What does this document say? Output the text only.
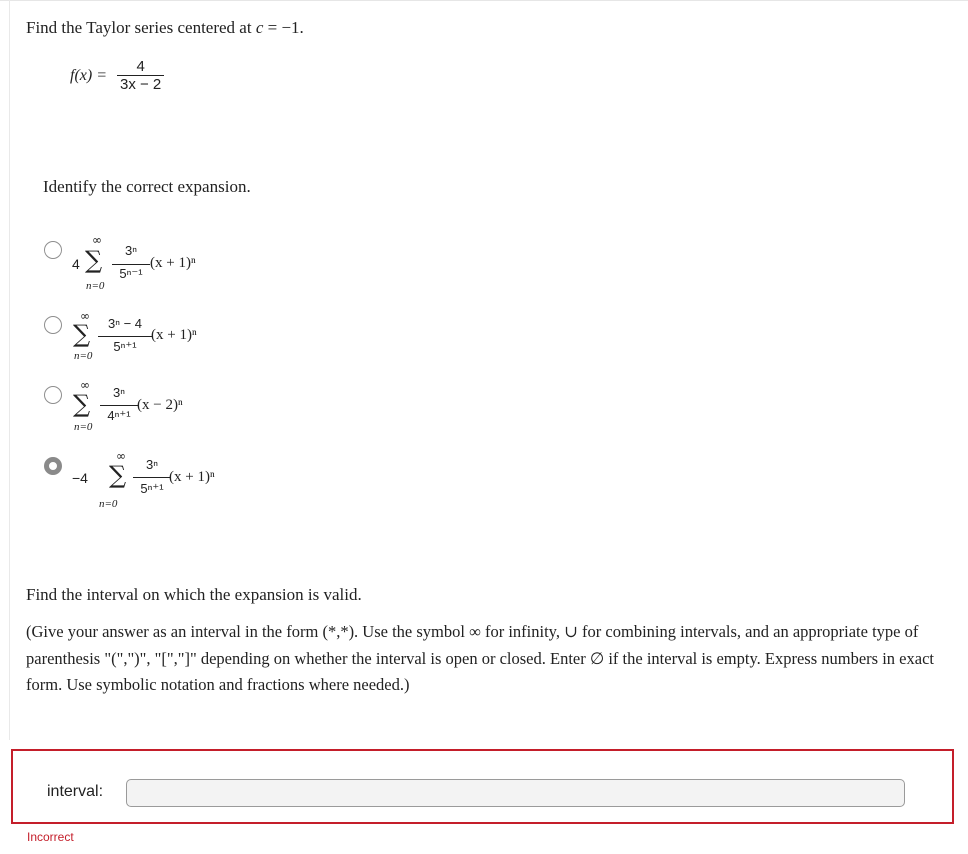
Find the Taylor series centered at c = −1.
$f(x) = \frac{4}{3x - 2}$
Identify the correct expansion.
4
∞
∑
n=0
3ⁿ
5ⁿ⁻¹
(x + 1)ⁿ
∞
∑
n=0
3ⁿ − 4
5ⁿ⁺¹
(x + 1)ⁿ
∞
∑
n=0
3ⁿ
4ⁿ⁺¹
(x − 2)ⁿ
−4
∞
∑
n=0
3ⁿ
5ⁿ⁺¹
(x + 1)ⁿ
Find the interval on which the expansion is valid.
(Give your answer as an interval in the form (*,*). Use the symbol ∞ for infinity, ∪ for combining intervals, and an appropriate type of parenthesis "(",")", "[","]" depending on whether the interval is open or closed. Enter ∅ if the interval is empty. Express numbers in exact form. Use symbolic notation and fractions where needed.)
interval:
Incorrect
